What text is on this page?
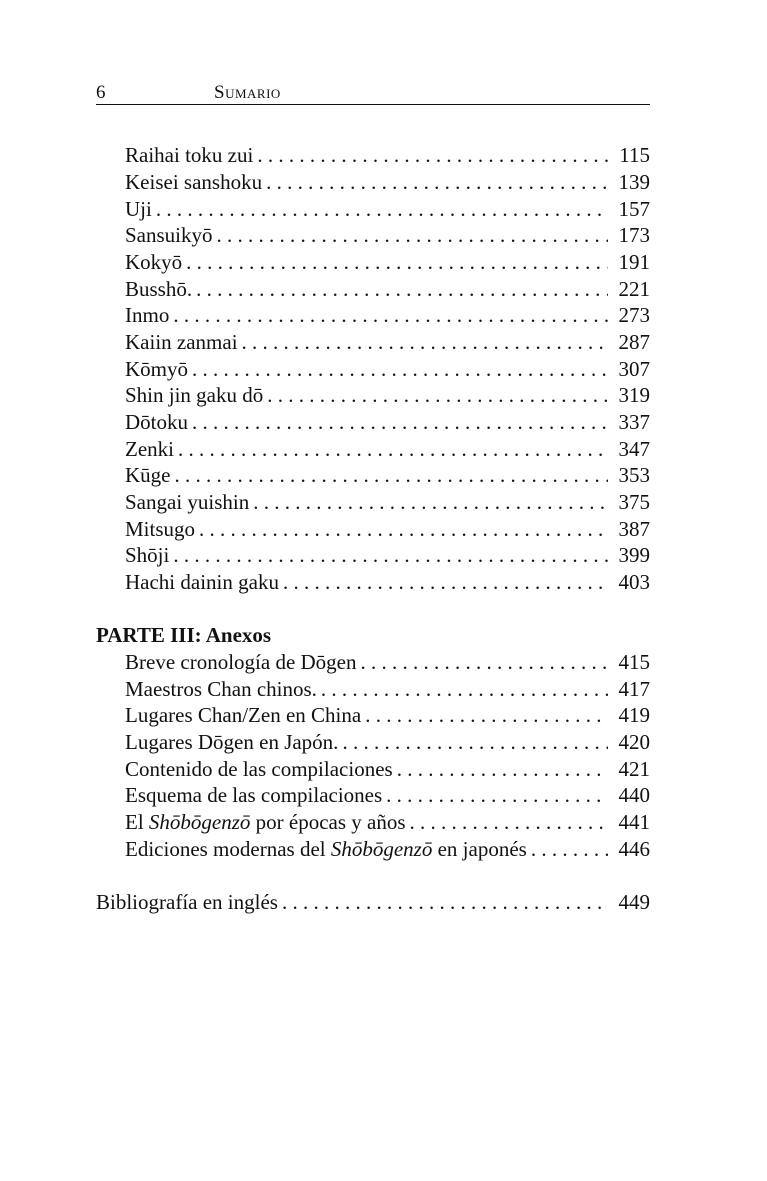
6	Sumario
Raihai toku zui . . .	115
Keisei sanshoku . . .	139
Uji . . .	157
Sansuikyō . . .	173
Kokyō . . .	191
Busshō. . . .	221
Inmo . . .	273
Kaiin zanmai . . .	287
Kōmyō . . .	307
Shin jin gaku dō . . .	319
Dōtoku . . .	337
Zenki . . .	347
Kūge . . .	353
Sangai yuishin . . .	375
Mitsugo . . .	387
Shōji . . .	399
Hachi dainin gaku . . .	403
PARTE III: Anexos
Breve cronología de Dōgen . . .	415
Maestros Chan chinos. . . .	417
Lugares Chan/Zen en China . . .	419
Lugares Dōgen en Japón. . . .	420
Contenido de las compilaciones . . .	421
Esquema de las compilaciones . . .	440
El Shōbōgenzō por épocas y años . . .	441
Ediciones modernas del Shōbōgenzō en japonés . . .	446
Bibliografía en inglés . . .	449
